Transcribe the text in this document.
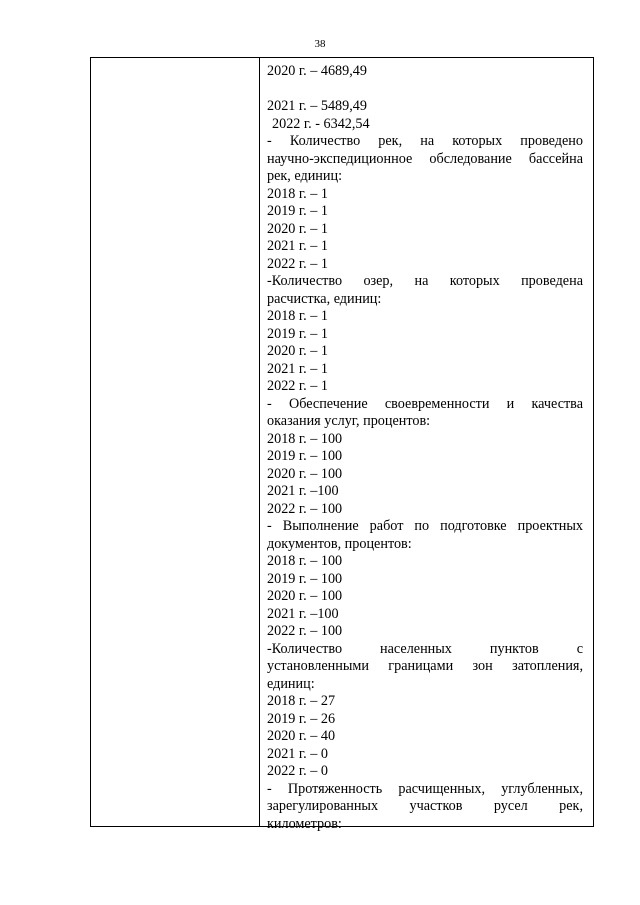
38
2020 г. – 4689,49
2021 г. – 5489,49
2022 г. - 6342,54
- Количество рек, на которых проведено
научно-экспедиционное обследование бассейна
рек, единиц:
2018 г. – 1
2019 г. – 1
2020 г. – 1
2021 г. – 1
2022 г. – 1
-Количество озер, на которых проведена
расчистка, единиц:
2018 г. – 1
2019 г. – 1
2020 г. – 1
2021 г. – 1
2022 г. – 1
- Обеспечение своевременности и качества
оказания услуг, процентов:
2018 г. – 100
2019 г. – 100
2020 г. – 100
2021 г. –100
2022 г. – 100
- Выполнение работ по подготовке проектных
документов, процентов:
2018 г. – 100
2019 г. – 100
2020 г. – 100
2021 г. –100
2022 г. – 100
-Количество населенных пунктов с
установленными границами зон затопления,
единиц:
2018 г. – 27
2019 г. – 26
2020 г. – 40
2021 г. – 0
2022 г. – 0
- Протяженность расчищенных, углубленных,
зарегулированных участков русел рек,
километров:
